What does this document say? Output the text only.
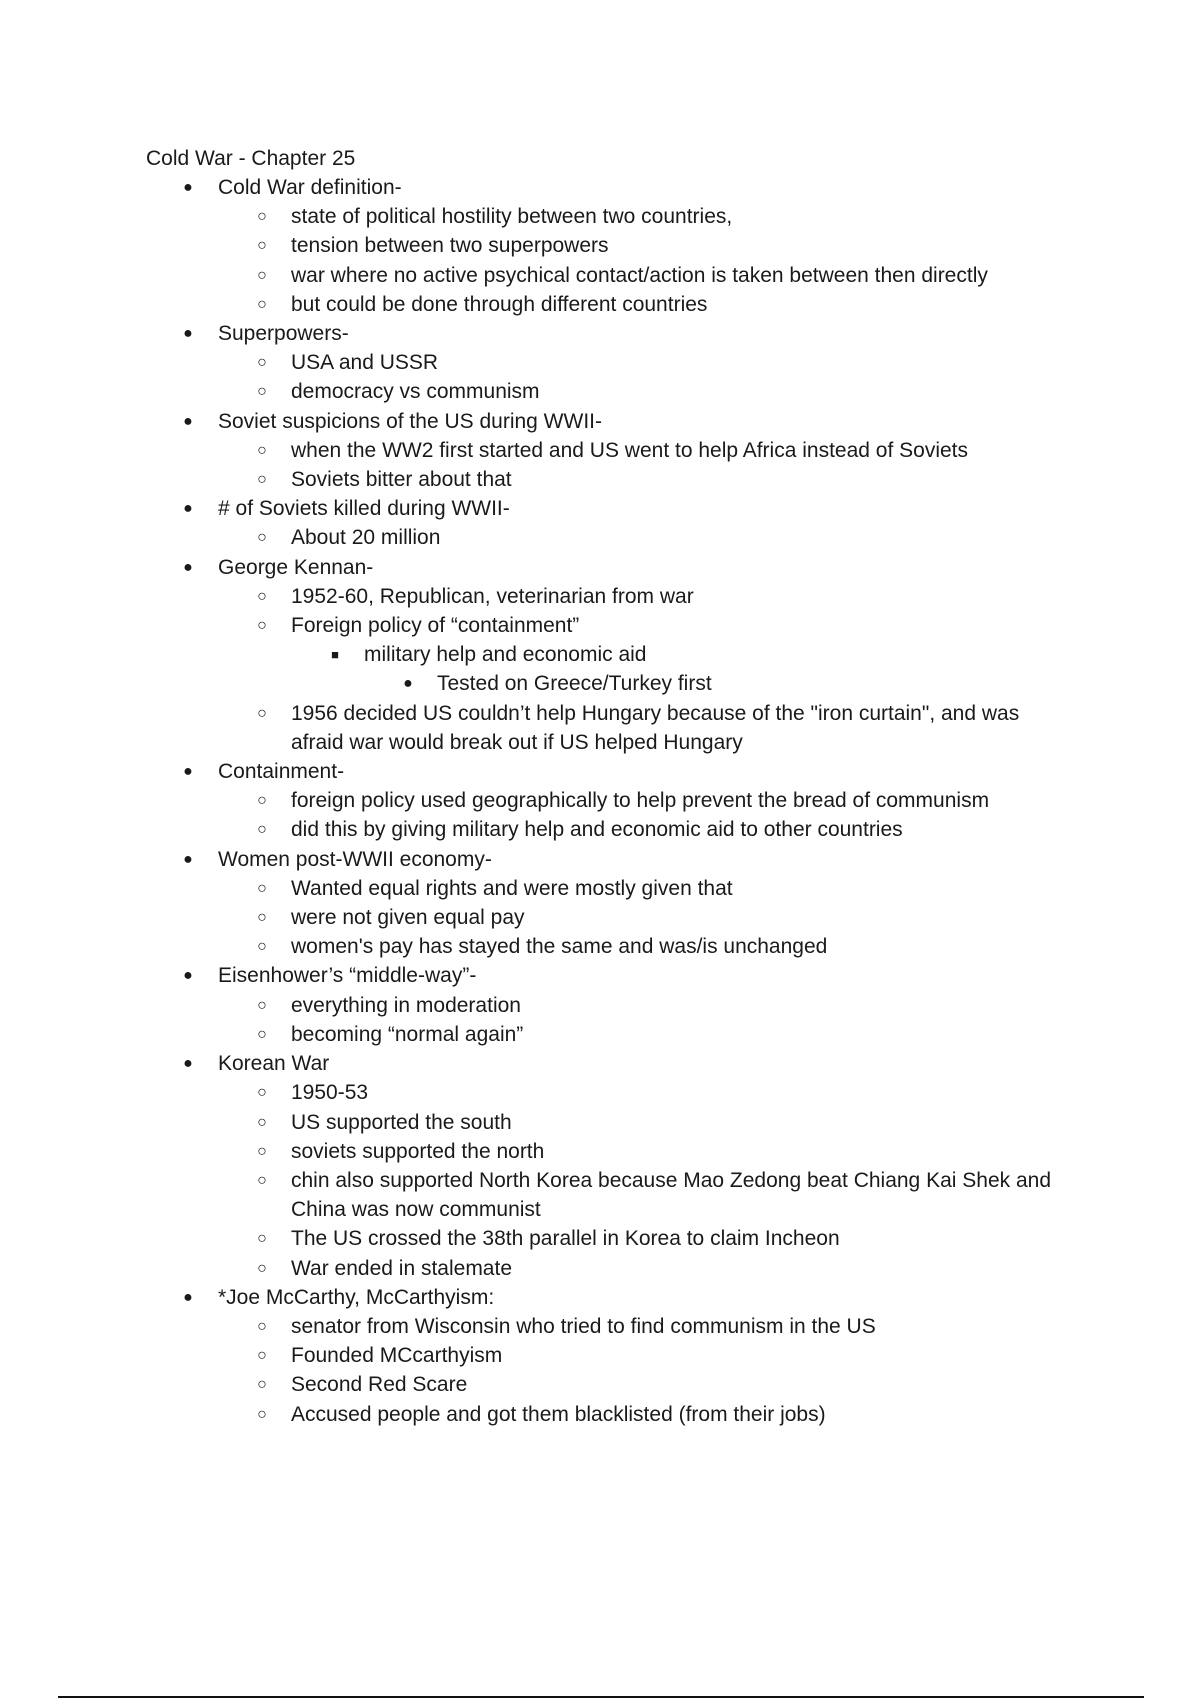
Cold War - Chapter 25
● Cold War definition-
○ state of political hostility between two countries,
○ tension between two superpowers
○ war where no active psychical contact/action is taken between then directly
○ but could be done through different countries
● Superpowers-
○ USA and USSR
○ democracy vs communism
● Soviet suspicions of the US during WWII-
○ when the WW2 first started and US went to help Africa instead of Soviets
○ Soviets bitter about that
● # of Soviets killed during WWII-
○ About 20 million
● George Kennan-
○ 1952-60, Republican, veterinarian from war
○ Foreign policy of “containment”
■ military help and economic aid
● Tested on Greece/Turkey first
○ 1956 decided US couldn’t help Hungary because of the "iron curtain", and was afraid war would break out if US helped Hungary
● Containment-
○ foreign policy used geographically to help prevent the bread of communism
○ did this by giving military help and economic aid to other countries
● Women post-WWII economy-
○ Wanted equal rights and were mostly given that
○ were not given equal pay
○ women's pay has stayed the same and was/is unchanged
● Eisenhower’s “middle-way”-
○ everything in moderation
○ becoming “normal again”
● Korean War
○ 1950-53
○ US supported the south
○ soviets supported the north
○ chin also supported North Korea because Mao Zedong beat Chiang Kai Shek and China was now communist
○ The US crossed the 38th parallel in Korea to claim Incheon
○ War ended in stalemate
● *Joe McCarthy, McCarthyism:
○ senator from Wisconsin who tried to find communism in the US
○ Founded MCcarthyism
○ Second Red Scare
○ Accused people and got them blacklisted (from their jobs)
